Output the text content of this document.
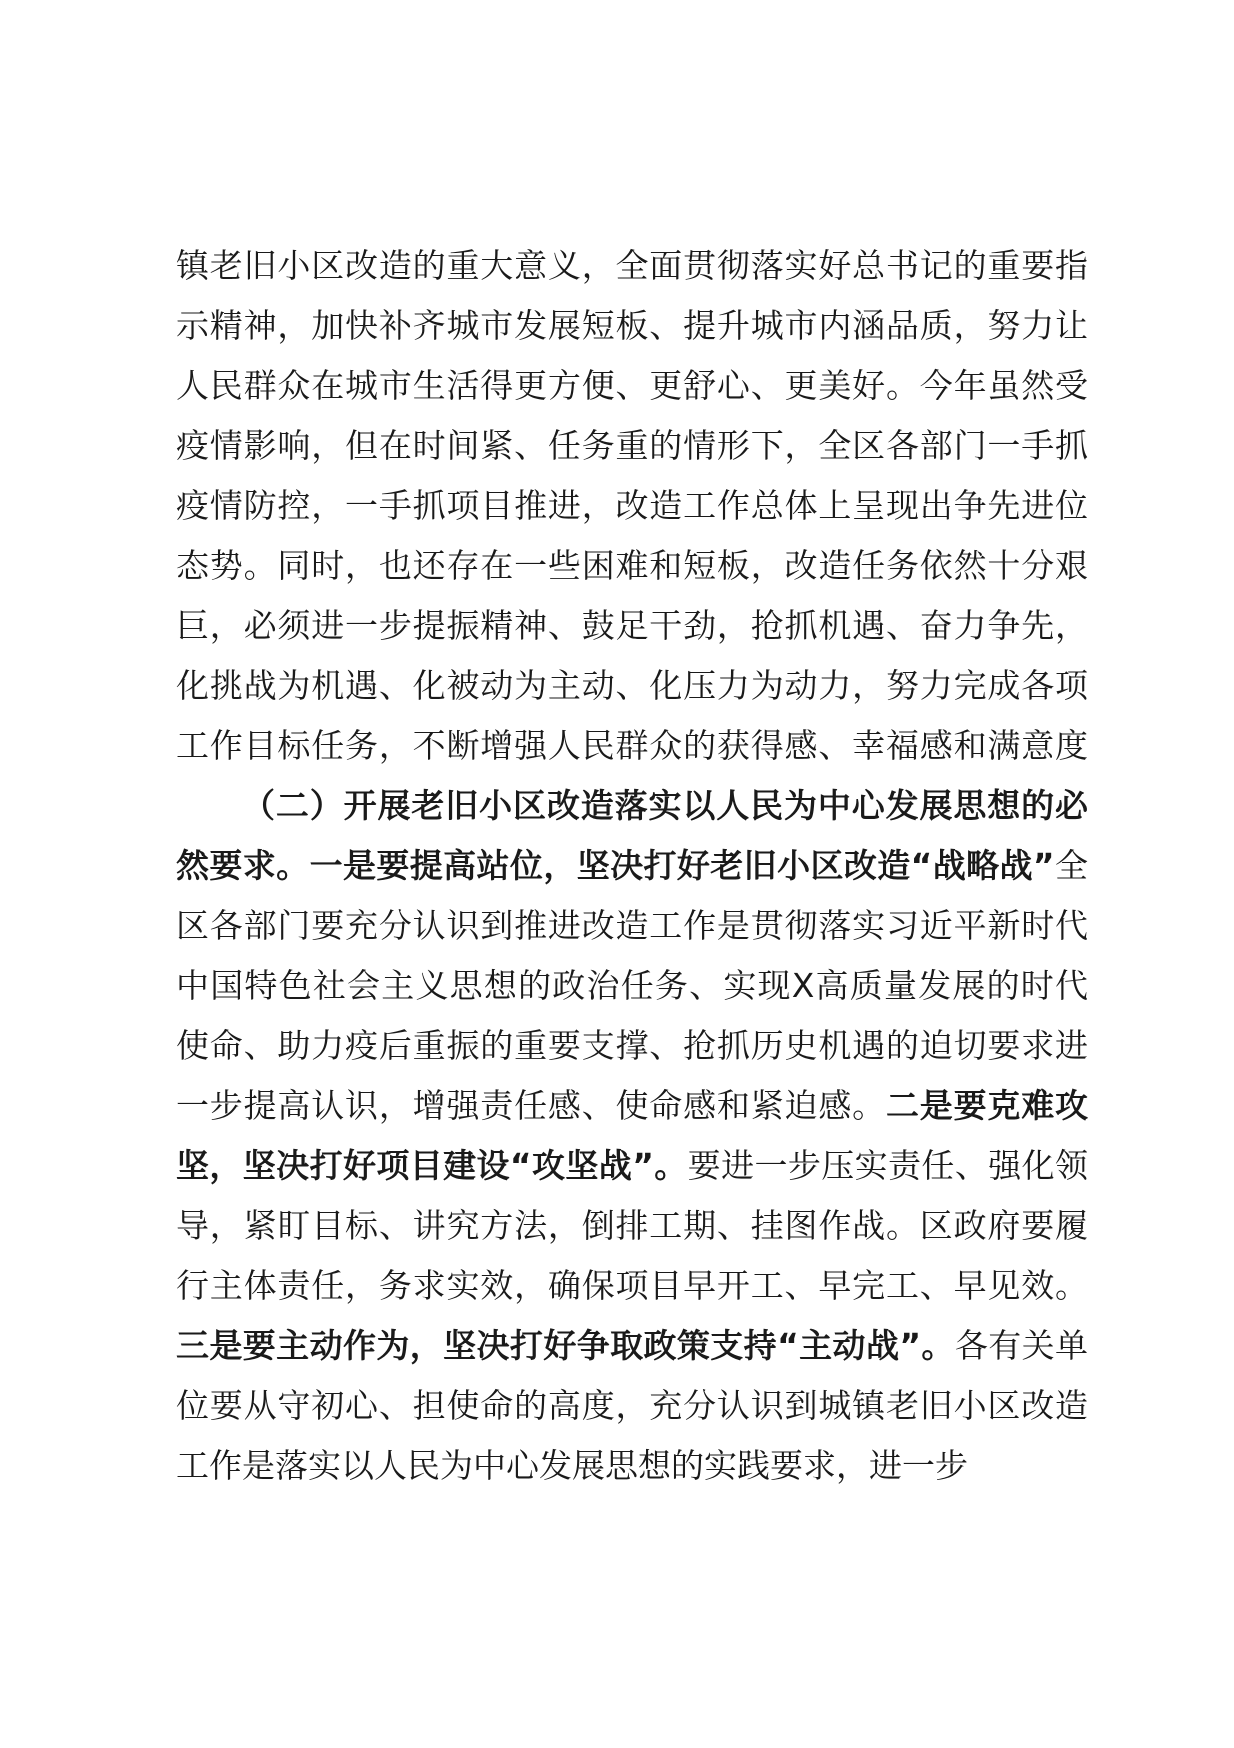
镇老旧小区改造的重大意义，全面贯彻落实好总书记的重要指示精神，加快补齐城市发展短板、提升城市内涵品质，努力让人民群众在城市生活得更方便、更舒心、更美好。今年虽然受疫情影响，但在时间紧、任务重的情形下，全区各部门一手抓疫情防控，一手抓项目推进，改造工作总体上呈现出争先进位态势。同时，也还存在一些困难和短板，改造任务依然十分艰巨，必须进一步提振精神、鼓足干劲，抢抓机遇、奋力争先，化挑战为机遇、化被动为主动、化压力为动力，努力完成各项工作目标任务，不断增强人民群众的获得感、幸福感和满意度

（二）开展老旧小区改造落实以人民为中心发展思想的必然要求。一是要提高站位，坚决打好老旧小区改造“战略战”全区各部门要充分认识到推进改造工作是贯彻落实习近平新时代中国特色社会主义思想的政治任务、实现X高质量发展的时代使命、助力疫后重振的重要支撑、抢抓历史机遇的迫切要求进一步提高认识，增强责任感、使命感和紧迫感。二是要克难攻坚，坚决打好项目建设“攻坚战”。要进一步压实责任、强化领导，紧盯目标、讲究方法，倒排工期、挂图作战。区政府要履行主体责任，务求实效，确保项目早开工、早完工、早见效。三是要主动作为，坚决打好争取政策支持“主动战”。各有关单位要从守初心、担使命的高度，充分认识到城镇老旧小区改造工作是落实以人民为中心发展思想的实践要求，进一步
